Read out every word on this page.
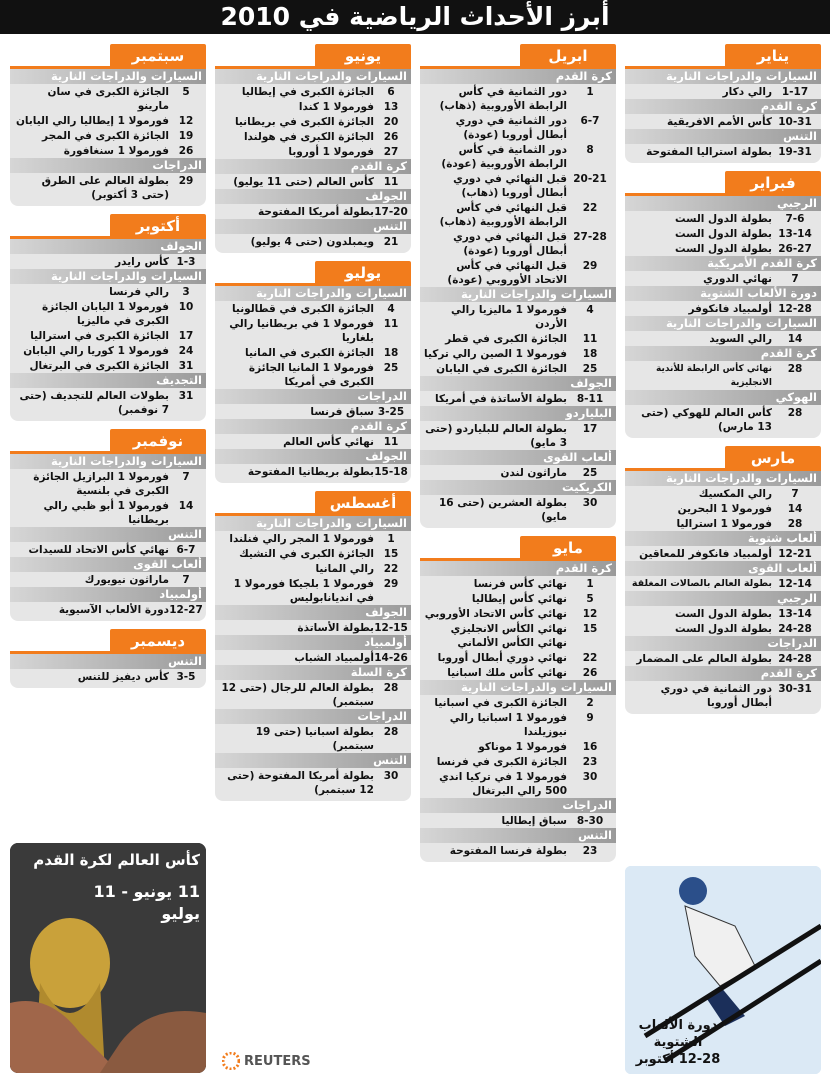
أبرز الأحداث الرياضية في 2010
يناير
السيارات والدراجات النارية
1-17
رالي دكار
كرة القدم
10-31
كأس الأمم الافريقية
التنس
19-31
بطولة استراليا المفتوحة
فبراير
الرجبي
7-6
بطولة الدول الست
13-14
بطولة الدول الست
26-27
بطولة الدول الست
كرة القدم الأمريكية
7
نهائي الدوري
دورة الألعاب الشتوية
12-28
أولمبياد فانكوفر
السيارات والدراجات النارية
14
رالي السويد
كرة القدم
28
نهائي كأس الرابطة للأندية الانجليزية
الهوكي
28
كأس العالم للهوكي (حتى 13 مارس)
مارس
السيارات والدراجات النارية
7
رالي المكسيك
14
فورمولا 1 البحرين
28
فورمولا 1 استراليا
ألعاب شتوية
12-21
أولمبياد فانكوفر للمعاقين
ألعاب القوى
12-14
بطولة العالم بالصالات المغلقة
الرجبي
13-14
بطولة الدول الست
24-28
بطولة الدول الست
الدراجات
24-28
بطولة العالم على المضمار
كرة القدم
30-31
دور الثمانية في دوري أبطال أوروبا
ابريل
كرة القدم
1
دور الثمانية في كأس الرابطة الأوروبية (ذهاب)
6-7
دور الثمانية في دوري أبطال أوروبا (عودة)
8
دور الثمانية في كأس الرابطة الأوروبية (عودة)
20-21
قبل النهائي في دوري أبطال أوروبا (ذهاب)
22
قبل النهائي في كأس الرابطة الأوروبية (ذهاب)
27-28
قبل النهائي في دوري أبطال أوروبا (عودة)
29
قبل النهائي في كأس الاتحاد الأوروبي (عودة)
السيارات والدراجات النارية
4
فورمولا 1 ماليزيا رالي الأردن
11
الجائزة الكبرى في قطر
18
فورمولا 1 الصين رالي تركيا
25
الجائزة الكبرى في اليابان
الجولف
8-11
بطولة الأساتذة في أمريكا
البلياردو
17
بطولة العالم للبلياردو (حتى 3 مايو)
ألعاب القوى
25
ماراثون لندن
الكريكيت
30
بطولة العشرين (حتى 16 مايو)
مايو
كرة القدم
1
نهائي كأس فرنسا
5
نهائي كأس إيطاليا
12
نهائي كأس الاتحاد الأوروبي
15
نهائي الكأس الانجليزي نهائي الكأس الألماني
22
نهائي دوري أبطال أوروبا
26
نهائي كأس ملك اسبانيا
السيارات والدراجات النارية
2
الجائزة الكبرى في اسبانيا
9
فورمولا 1 اسبانيا رالي نيوزيلندا
16
فورمولا 1 موناكو
23
الجائزة الكبرى في فرنسا
30
فورمولا 1 في تركيا اندي 500 رالي البرتغال
الدراجات
8-30
سباق إيطاليا
التنس
23
بطولة فرنسا المفتوحة
يونيو
السيارات والدراجات النارية
6
الجائزة الكبرى في إيطاليا
13
فورمولا 1 كندا
20
الجائزة الكبرى في بريطانيا
26
الجائزة الكبرى في هولندا
27
فورمولا 1 أوروبا
كرة القدم
11
كأس العالم (حتى 11 يوليو)
الجولف
17-20
بطولة أمريكا المفتوحة
التنس
21
ويمبلدون (حتى 4 يوليو)
يوليو
السيارات والدراجات النارية
4
الجائزة الكبرى في قطالونيا
11
فورمولا 1 في بريطانيا رالي بلغاريا
18
الجائزة الكبرى في المانيا
25
فورمولا 1 المانيا الجائزة الكبرى في أمريكا
الدراجات
3-25
سباق فرنسا
كرة القدم
11
نهائي كأس العالم
الجولف
15-18
بطولة بريطانيا المفتوحة
أغسطس
السيارات والدراجات النارية
1
فورمولا 1 المجر رالي فنلندا
15
الجائزة الكبرى في التشيك
22
رالي المانيا
29
فورمولا 1 بلجيكا فورمولا 1 في انديانابوليس
الجولف
12-15
بطولة الأساتذة
أولمبياد
14-26
أولمبياد الشباب
كرة السلة
28
بطولة العالم للرجال (حتى 12 سبتمبر)
الدراجات
28
بطولة اسبانيا (حتى 19 سبتمبر)
التنس
30
بطولة أمريكا المفتوحة (حتى 12 سبتمبر)
سبتمبر
السيارات والدراجات النارية
5
الجائزة الكبرى في سان مارينو
12
فورمولا 1 إيطاليا رالي اليابان
19
الجائزة الكبرى في المجر
26
فورمولا 1 سنغافورة
الدراجات
29
بطولة العالم على الطرق (حتى 3 أكتوبر)
أكتوبر
الجولف
1-3
كأس رايدر
السيارات والدراجات النارية
3
رالي فرنسا
10
فورمولا 1 اليابان الجائزة الكبرى في ماليزيا
17
الجائزة الكبرى في استراليا
24
فورمولا 1 كوريا رالي اليابان
31
الجائزة الكبرى في البرتغال
التجديف
31
بطولات العالم للتجديف (حتى 7 نوفمبر)
نوفمبر
السيارات والدراجات النارية
7
فورمولا 1 البرازيل الجائزة الكبرى في بلنسية
14
فورمولا 1 أبو ظبي رالي بريطانيا
التنس
6-7
نهائي كأس الاتحاد للسيدات
ألعاب القوى
7
ماراثون نيويورك
أولمبياد
12-27
دورة الألعاب الآسيوية
ديسمبر
التنس
3-5
كأس ديفيز للتنس
كأس العالم لكرة القدم
11 يونيو - 11 يوليو
دورة الألعاب الشتوية
12-28 أكتوبر
REUTERS
